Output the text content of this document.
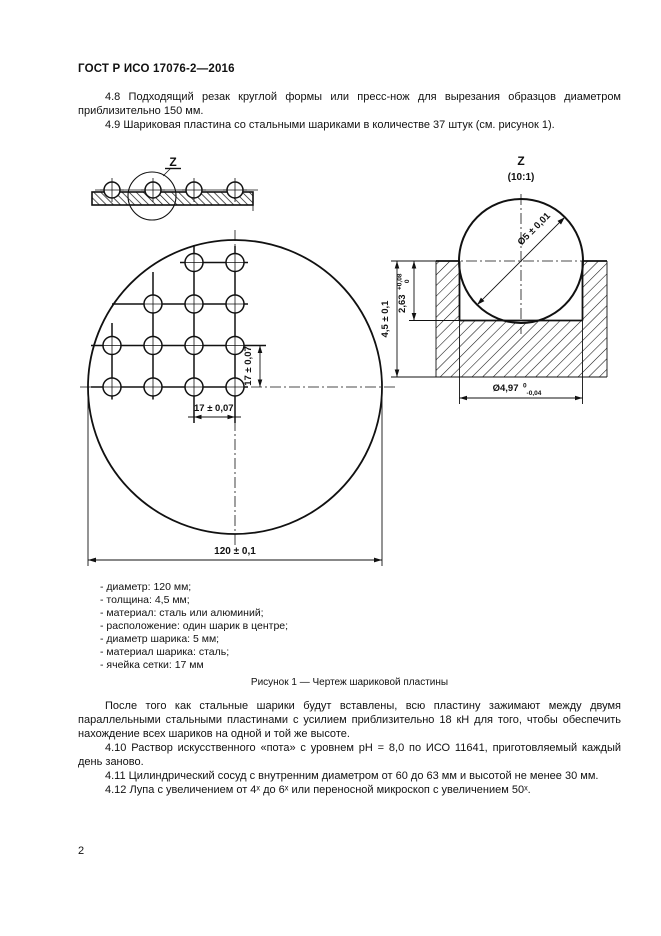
ГОСТ Р ИСО 17076-2—2016

4.8 Подходящий резак круглой формы или пресс-нож для вырезания образцов диаметром приблизительно 150 мм.

4.9 Шариковая пластина со стальными шариками в количестве 37 штук (см. рисунок 1).

Z
17 ± 0,07
17 ± 0,07
120 ± 0,1
Z
(10:1)
Ø5 ± 0,01
4,5 ± 0,1 2,63 $^{+0,08}$ 0
Ø4,97 $^0$ -0,04
- диаметр: 120 мм;
- толщина: 4,5 мм;
- материал: сталь или алюминий;
- расположение: один шарик в центре;
- диаметр шарика: 5 мм;
- материал шарика: сталь;
- ячейка сетки: 17 мм
Рисунок 1 — Чертеж шариковой пластины

После того как стальные шарики будут вставлены, всю пластину зажимают между двумя параллельными стальными пластинами с усилием приблизительно 18 кН для того, чтобы обеспечить нахождение всех шариков на одной и той же высоте.

4.10 Раствор искусственного «пота» с уровнем pH = 8,0 по ИСО 11641, приготовляемый каждый день заново.

4.11 Цилиндрический сосуд с внутренним диаметром от 60 до 63 мм и высотой не менее 30 мм.

4.12 Лупа с увеличением от 4ˣ до 6ˣ или переносной микроскоп с увеличением 50ˣ.

2
